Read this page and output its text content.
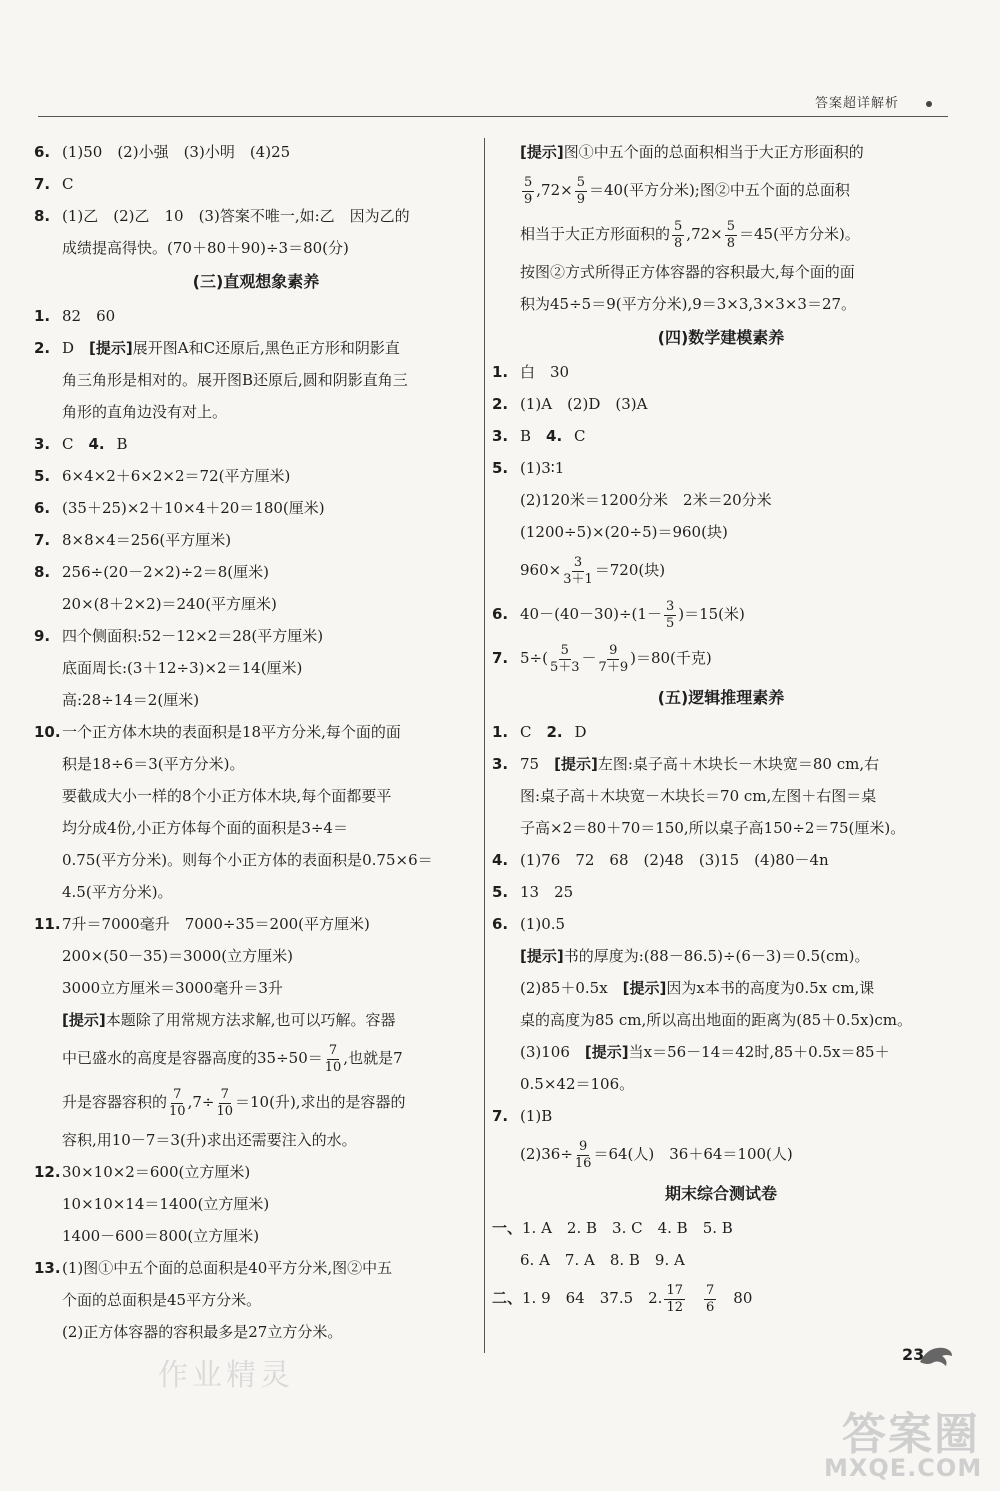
答案超详解析
6. (1)50　(2)小强　(3)小明　(4)25
7. C
8. (1)乙　(2)乙　10　(3)答案不唯一,如:乙　因为乙的
成绩提高得快。(70＋80＋90)÷3＝80(分)
(三)直观想象素养
1. 82　60
2. D　[提示]展开图A和C还原后,黑色正方形和阴影直
角三角形是相对的。展开图B还原后,圆和阴影直角三
角形的直角边没有对上。
3. C　4. B
5. 6×4×2＋6×2×2＝72(平方厘米)
6. (35＋25)×2＋10×4＋20＝180(厘米)
7. 8×8×4＝256(平方厘米)
8. 256÷(20－2×2)÷2＝8(厘米)
20×(8＋2×2)＝240(平方厘米)
9. 四个侧面积:52－12×2＝28(平方厘米)
底面周长:(3＋12÷3)×2＝14(厘米)
高:28÷14＝2(厘米)
10.一个正方体木块的表面积是18平方分米,每个面的面
积是18÷6＝3(平方分米)。
要截成大小一样的8个小正方体木块,每个面都要平
均分成4份,小正方体每个面的面积是3÷4＝
0.75(平方分米)。则每个小正方体的表面积是0.75×6＝
4.5(平方分米)。
11.7升＝7000毫升　7000÷35＝200(平方厘米)
200×(50－35)＝3000(立方厘米)
3000立方厘米＝3000毫升＝3升
[提示]本题除了用常规方法求解,也可以巧解。容器
中已盛水的高度是容器高度的$35\div 50= \frac{7}{10}$ ,也就是7
升是容器容积的 $\frac{7}{10} ,7\div \frac{7}{10} =10$(升),求出的是容器的
容积,用10－7＝3(升)求出还需要注入的水。
12.30×10×2＝600(立方厘米)
10×10×14＝1400(立方厘米)
1400－600＝800(立方厘米)
13.(1)图①中五个面的总面积是40平方分米,图②中五
个面的总面积是45平方分米。
(2)正方体容器的容积最多是27立方分米。
[提示]图①中五个面的总面积相当于大正方形面积的
$\frac{5}{9} ,72\times \frac{5}{9} =40$(平方分米);图②中五个面的总面积
相当于大正方形面积的 $\frac{5}{8} ,72\times \frac{5}{8} =45$(平方分米)。
按图②方式所得正方体容器的容积最大,每个面的面
积为45÷5＝9(平方分米),9＝3×3,3×3×3＝27。
(四)数学建模素养
1. 白　30
2. (1)A　(2)D　(3)A
3. B　4. C
5. (1)3∶1
(2)120米＝1200分米　2米＝20分米
(1200÷5)×(20÷5)＝960(块)
$960\times \frac{3}{3+1} =720$(块)
6. $40-(40-30)\div(1- \frac{3}{5} )=15$(米)
7. $5\div( \frac{5}{5+3} - \frac{9}{7+9} )=80$(千克)
(五)逻辑推理素养
1. C　2. D
3. 75　[提示]左图:桌子高＋木块长－木块宽＝80 cm,右
图:桌子高＋木块宽－木块长＝70 cm,左图＋右图＝桌
子高×2＝80＋70＝150,所以桌子高150÷2＝75(厘米)。
4. (1)76　72　68　(2)48　(3)15　(4)80－4n
5. 13　25
6. (1)0.5
[提示]书的厚度为:(88－86.5)÷(6－3)＝0.5(cm)。
(2)85＋0.5x　[提示]因为x本书的高度为0.5x cm,课
桌的高度为85 cm,所以高出地面的距离为(85＋0.5x)cm。
(3)106　[提示]当x＝56－14＝42时,85＋0.5x＝85＋
0.5×42＝106。
7. (1)B
$(2)36\div \frac{9}{16} =64$(人)　36＋64＝100(人)
期末综合测试卷
一、1. A　2. B　3. C　4. B　5. B
6. A　7. A　8. B　9. A
二、1. 9　64　37.5　2. $\frac{17}{12}$
　 $\frac{7}{6}$
　 80
作业精灵
23
答案圈
MXQE.COM
